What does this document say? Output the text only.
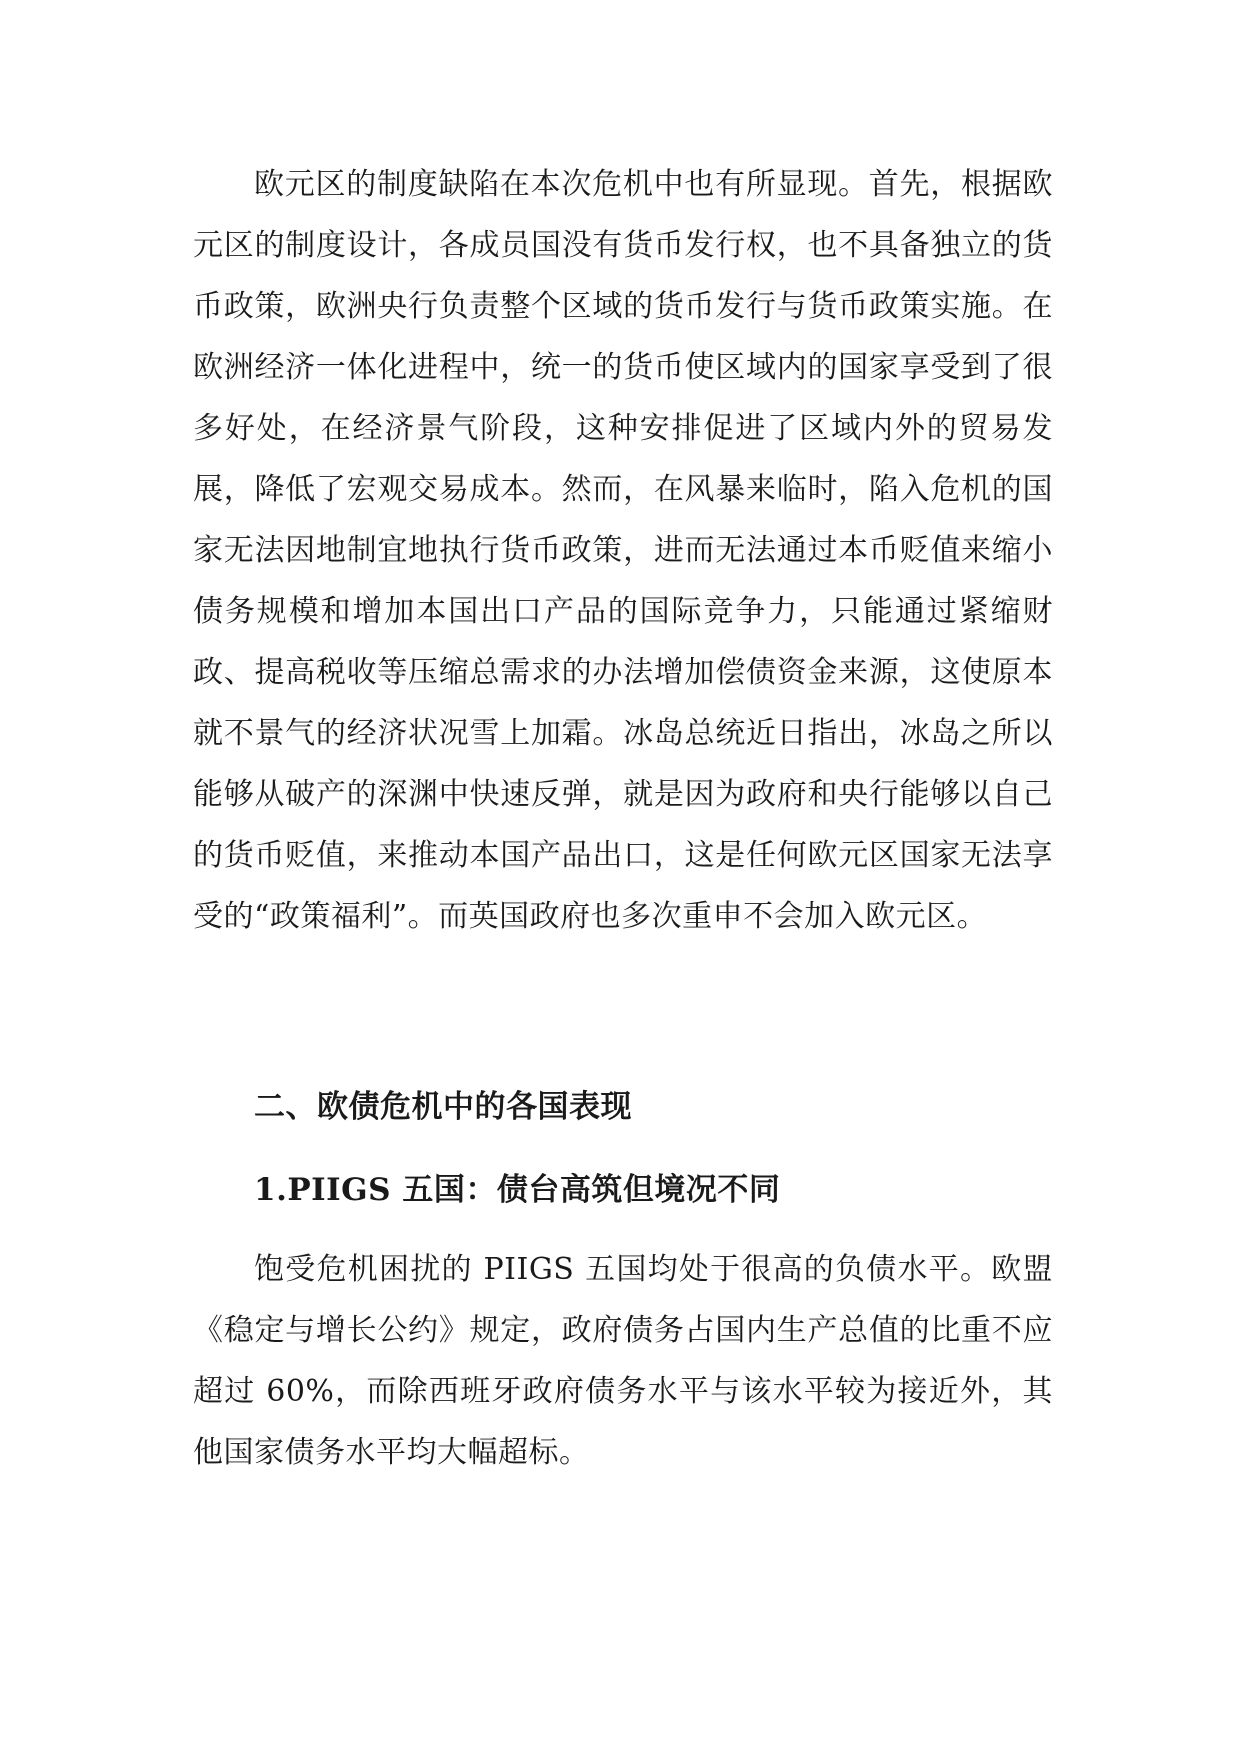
欧元区的制度缺陷在本次危机中也有所显现。首先，根据欧元区的制度设计，各成员国没有货币发行权，也不具备独立的货币政策，欧洲央行负责整个区域的货币发行与货币政策实施。在欧洲经济一体化进程中，统一的货币使区域内的国家享受到了很多好处，在经济景气阶段，这种安排促进了区域内外的贸易发展，降低了宏观交易成本。然而，在风暴来临时，陷入危机的国家无法因地制宜地执行货币政策，进而无法通过本币贬值来缩小债务规模和增加本国出口产品的国际竞争力，只能通过紧缩财政、提高税收等压缩总需求的办法增加偿债资金来源，这使原本就不景气的经济状况雪上加霜。冰岛总统近日指出，冰岛之所以能够从破产的深渊中快速反弹，就是因为政府和央行能够以自己的货币贬值，来推动本国产品出口，这是任何欧元区国家无法享受的“政策福利”。而英国政府也多次重申不会加入欧元区。

二、欧债危机中的各国表现
1.PIIGS 五国：债台高筑但境况不同

饱受危机困扰的 PIIGS 五国均处于很高的负债水平。欧盟《稳定与增长公约》规定，政府债务占国内生产总值的比重不应超过 60%，而除西班牙政府债务水平与该水平较为接近外，其他国家债务水平均大幅超标。
